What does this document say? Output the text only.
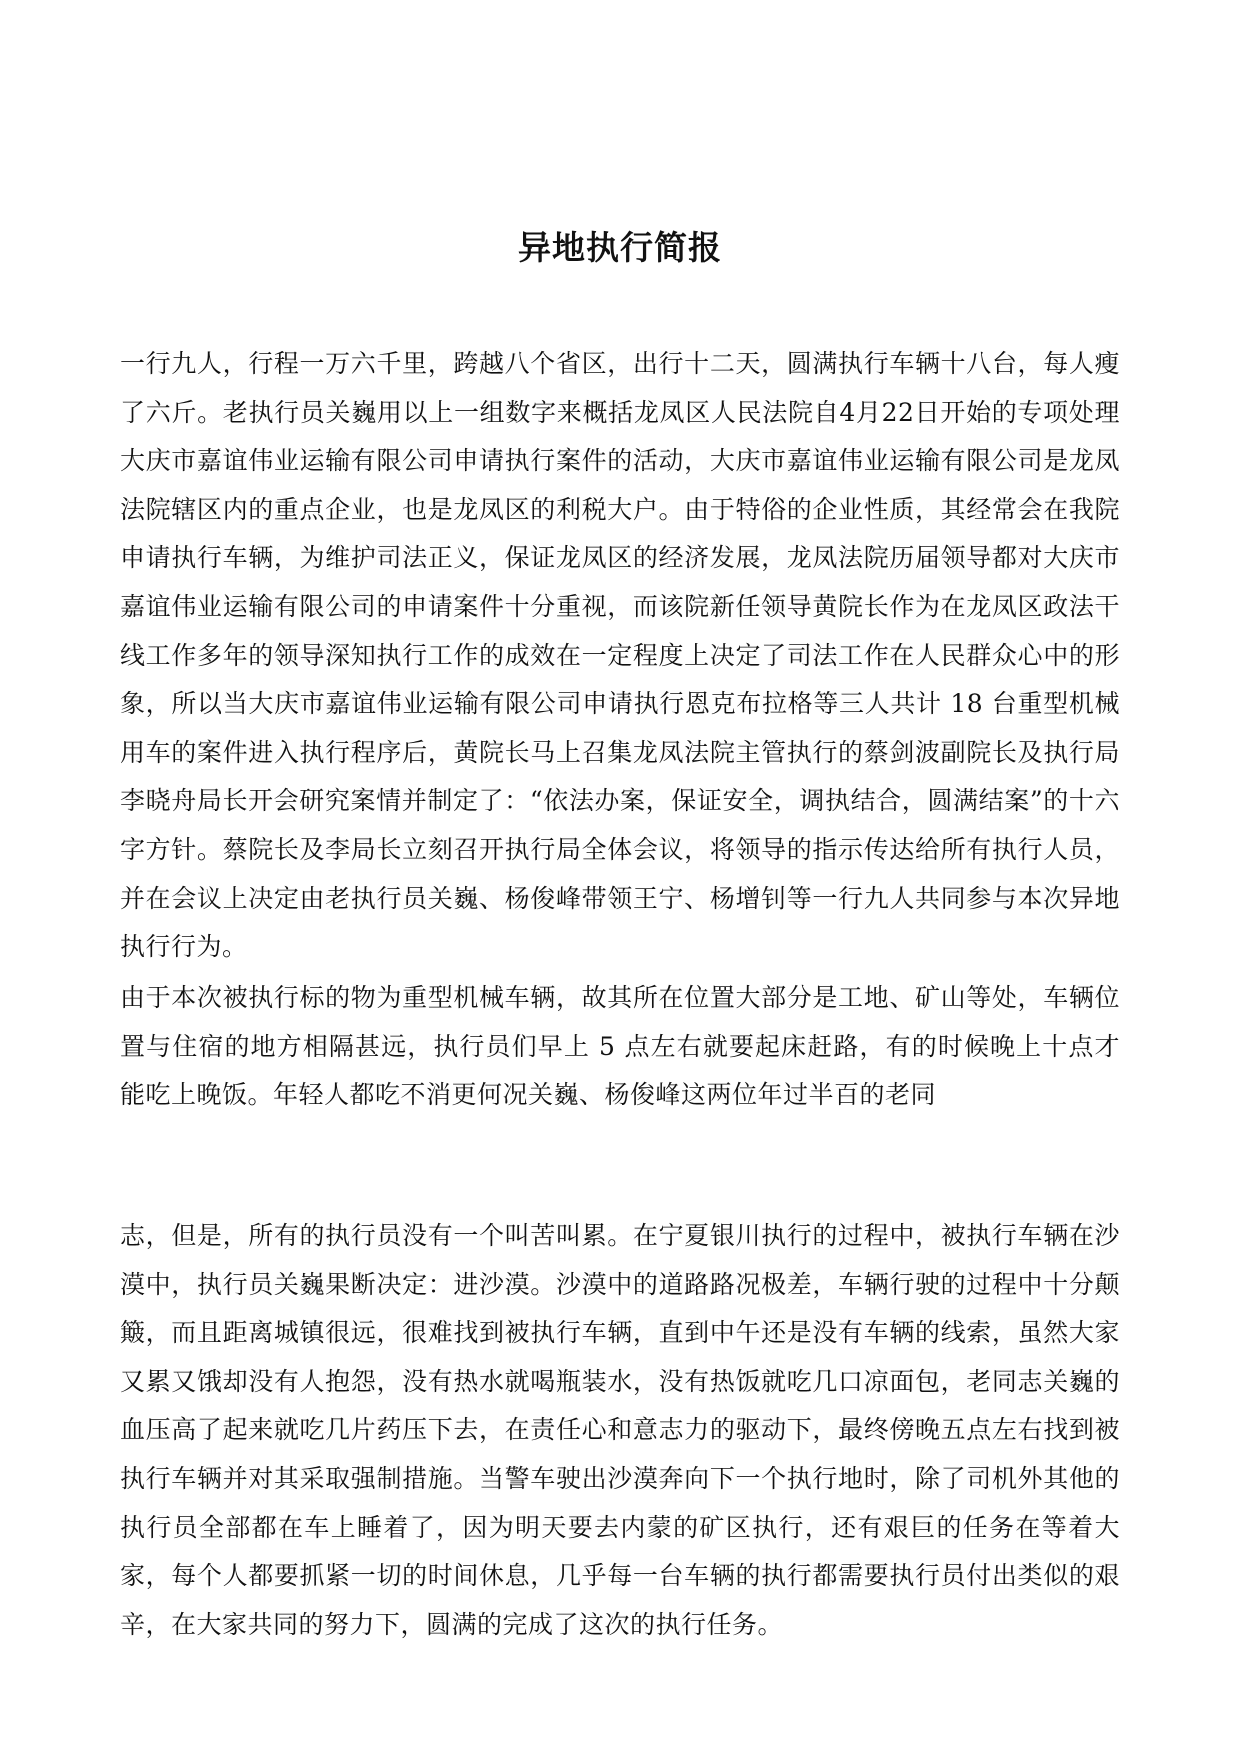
异地执行简报

一行九人，行程一万六千里，跨越八个省区，出行十二天，圆满执行车辆十八台，每人瘦了六斤。老执行员关巍用以上一组数字来概括龙凤区人民法院自4月22日开始的专项处理大庆市嘉谊伟业运输有限公司申请执行案件的活动，大庆市嘉谊伟业运输有限公司是龙凤法院辖区内的重点企业，也是龙凤区的利税大户。由于特俗的企业性质，其经常会在我院申请执行车辆，为维护司法正义，保证龙凤区的经济发展，龙凤法院历届领导都对大庆市嘉谊伟业运输有限公司的申请案件十分重视，而该院新任领导黄院长作为在龙凤区政法干线工作多年的领导深知执行工作的成效在一定程度上决定了司法工作在人民群众心中的形象，所以当大庆市嘉谊伟业运输有限公司申请执行恩克布拉格等三人共计 18 台重型机械用车的案件进入执行程序后，黄院长马上召集龙凤法院主管执行的蔡剑波副院长及执行局李晓舟局长开会研究案情并制定了：“依法办案，保证安全，调执结合，圆满结案”的十六字方针。蔡院长及李局长立刻召开执行局全体会议，将领导的指示传达给所有执行人员，并在会议上决定由老执行员关巍、杨俊峰带领王宁、杨增钊等一行九人共同参与本次异地执行行为。

由于本次被执行标的物为重型机械车辆，故其所在位置大部分是工地、矿山等处，车辆位置与住宿的地方相隔甚远，执行员们早上 5 点左右就要起床赶路，有的时候晚上十点才能吃上晚饭。年轻人都吃不消更何况关巍、杨俊峰这两位年过半百的老同

志，但是，所有的执行员没有一个叫苦叫累。在宁夏银川执行的过程中，被执行车辆在沙漠中，执行员关巍果断决定：进沙漠。沙漠中的道路路况极差，车辆行驶的过程中十分颠簸，而且距离城镇很远，很难找到被执行车辆，直到中午还是没有车辆的线索，虽然大家又累又饿却没有人抱怨，没有热水就喝瓶装水，没有热饭就吃几口凉面包，老同志关巍的血压高了起来就吃几片药压下去，在责任心和意志力的驱动下，最终傍晚五点左右找到被执行车辆并对其采取强制措施。当警车驶出沙漠奔向下一个执行地时，除了司机外其他的执行员全部都在车上睡着了，因为明天要去内蒙的矿区执行，还有艰巨的任务在等着大家，每个人都要抓紧一切的时间休息，几乎每一台车辆的执行都需要执行员付出类似的艰辛，在大家共同的努力下，圆满的完成了这次的执行任务。
